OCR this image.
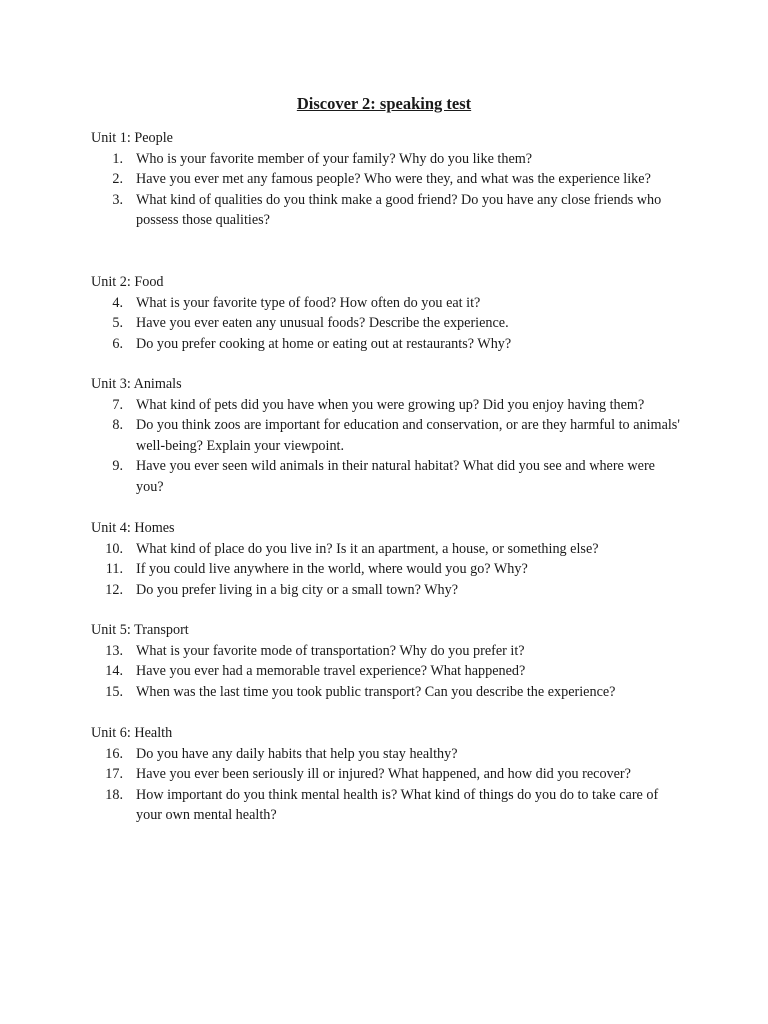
Discover 2: speaking test

Unit 1: People

1. Who is your favorite member of your family? Why do you like them?
2. Have you ever met any famous people? Who were they, and what was the experience like?
3. What kind of qualities do you think make a good friend? Do you have any close friends who possess those qualities?

Unit 2: Food

4. What is your favorite type of food? How often do you eat it?
5. Have you ever eaten any unusual foods? Describe the experience.
6. Do you prefer cooking at home or eating out at restaurants? Why?

Unit 3: Animals

7. What kind of pets did you have when you were growing up? Did you enjoy having them?
8. Do you think zoos are important for education and conservation, or are they harmful to animals' well-being? Explain your viewpoint.
9. Have you ever seen wild animals in their natural habitat? What did you see and where were you?

Unit 4: Homes

10. What kind of place do you live in? Is it an apartment, a house, or something else?
11. If you could live anywhere in the world, where would you go? Why?
12. Do you prefer living in a big city or a small town? Why?

Unit 5: Transport

13. What is your favorite mode of transportation? Why do you prefer it?
14. Have you ever had a memorable travel experience? What happened?
15. When was the last time you took public transport? Can you describe the experience?

Unit 6: Health

16. Do you have any daily habits that help you stay healthy?
17. Have you ever been seriously ill or injured? What happened, and how did you recover?
18. How important do you think mental health is? What kind of things do you do to take care of your own mental health?
